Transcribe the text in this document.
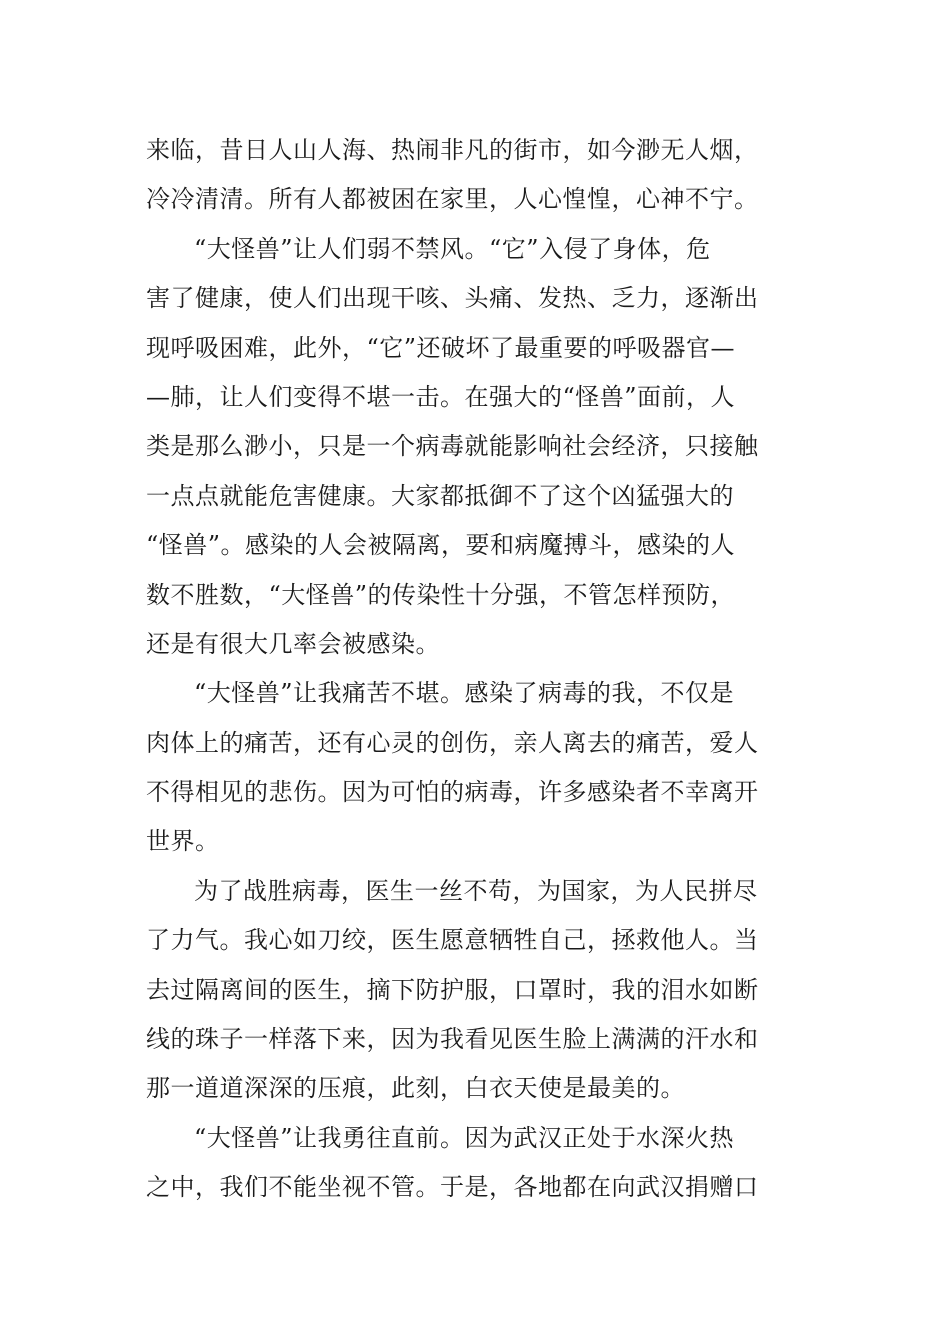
来临，昔日人山人海、热闹非凡的街市，如今渺无人烟，
冷冷清清。所有人都被困在家里，人心惶惶，心神不宁。
“大怪兽”让人们弱不禁风。“它”入侵了身体，危
害了健康，使人们出现干咳、头痛、发热、乏力，逐渐出
现呼吸困难，此外，“它”还破坏了最重要的呼吸器官—
—肺，让人们变得不堪一击。在强大的“怪兽”面前，人
类是那么渺小，只是一个病毒就能影响社会经济，只接触
一点点就能危害健康。大家都抵御不了这个凶猛强大的
“怪兽”。感染的人会被隔离，要和病魔搏斗，感染的人
数不胜数，“大怪兽”的传染性十分强，不管怎样预防，
还是有很大几率会被感染。
“大怪兽”让我痛苦不堪。感染了病毒的我，不仅是
肉体上的痛苦，还有心灵的创伤，亲人离去的痛苦，爱人
不得相见的悲伤。因为可怕的病毒，许多感染者不幸离开
世界。
为了战胜病毒，医生一丝不苟，为国家，为人民拼尽
了力气。我心如刀绞，医生愿意牺牲自己，拯救他人。当
去过隔离间的医生，摘下防护服，口罩时，我的泪水如断
线的珠子一样落下来，因为我看见医生脸上满满的汗水和
那一道道深深的压痕，此刻，白衣天使是最美的。
“大怪兽”让我勇往直前。因为武汉正处于水深火热
之中，我们不能坐视不管。于是，各地都在向武汉捐赠口
